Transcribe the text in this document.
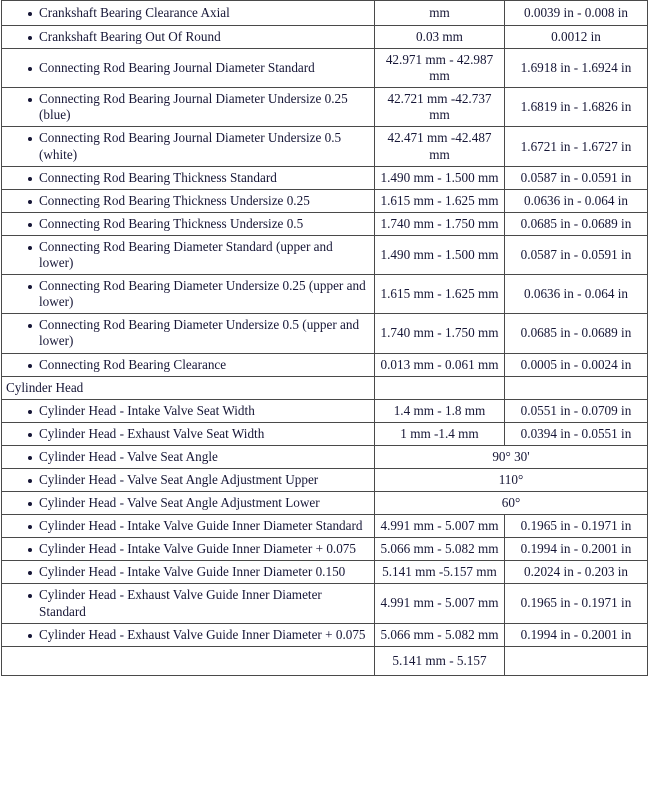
Crankshaft Bearing Clearance Axial	mm	0.0039 in - 0.008 in

Crankshaft Bearing Out Of Round	0.03 mm	0.0012 in

Connecting Rod Bearing Journal Diameter Standard	42.971 mm - 42.987 mm	1.6918 in - 1.6924 in

Connecting Rod Bearing Journal Diameter Undersize 0.25 (blue)	42.721 mm -42.737 mm	1.6819 in - 1.6826 in

Connecting Rod Bearing Journal Diameter Undersize 0.5 (white)	42.471 mm -42.487 mm	1.6721 in - 1.6727 in

Connecting Rod Bearing Thickness Standard	1.490 mm - 1.500 mm	0.0587 in - 0.0591 in

Connecting Rod Bearing Thickness Undersize 0.25	1.615 mm - 1.625 mm	0.0636 in - 0.064 in

Connecting Rod Bearing Thickness Undersize 0.5	1.740 mm - 1.750 mm	0.0685 in - 0.0689 in

Connecting Rod Bearing Diameter Standard (upper and lower)	1.490 mm - 1.500 mm	0.0587 in - 0.0591 in

Connecting Rod Bearing Diameter Undersize 0.25 (upper and lower)	1.615 mm - 1.625 mm	0.0636 in - 0.064 in

Connecting Rod Bearing Diameter Undersize 0.5 (upper and lower)	1.740 mm - 1.750 mm	0.0685 in - 0.0689 in

Connecting Rod Bearing Clearance	0.013 mm - 0.061 mm	0.0005 in - 0.0024 in
Cylinder Head		

Cylinder Head - Intake Valve Seat Width	1.4 mm - 1.8 mm	0.0551 in - 0.0709 in

Cylinder Head - Exhaust Valve Seat Width	1 mm -1.4 mm	0.0394 in - 0.0551 in

Cylinder Head - Valve Seat Angle	90° 30'	

Cylinder Head - Valve Seat Angle Adjustment Upper	110°	

Cylinder Head - Valve Seat Angle Adjustment Lower	60°	

Cylinder Head - Intake Valve Guide Inner Diameter Standard	4.991 mm - 5.007 mm	0.1965 in - 0.1971 in

Cylinder Head - Intake Valve Guide Inner Diameter + 0.075	5.066 mm - 5.082 mm	0.1994 in - 0.2001 in

Cylinder Head - Intake Valve Guide Inner Diameter 0.150	5.141 mm -5.157 mm	0.2024 in - 0.203 in

Cylinder Head - Exhaust Valve Guide Inner Diameter Standard	4.991 mm - 5.007 mm	0.1965 in - 0.1971 in

Cylinder Head - Exhaust Valve Guide Inner Diameter + 0.075	5.066 mm - 5.082 mm	0.1994 in - 0.2001 in
	5.141 mm - 5.157	
